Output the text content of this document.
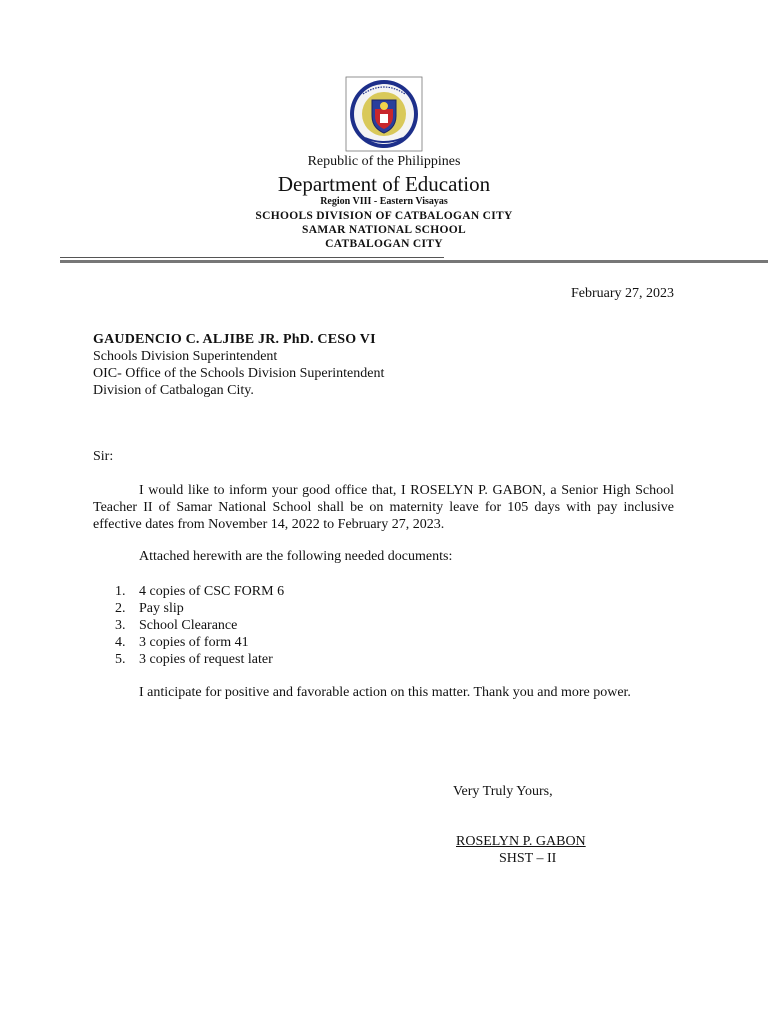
Republic of the Philippines
Department of Education
Region VIII - Eastern Visayas
SCHOOLS DIVISION OF CATBALOGAN CITY
SAMAR NATIONAL SCHOOL
CATBALOGAN CITY
February 27, 2023
GAUDENCIO C. ALJIBE JR. PhD. CESO VI
Schools Division Superintendent
OIC- Office of the Schools Division Superintendent
Division of Catbalogan City.
Sir:
I would like to inform your good office that, I ROSELYN P. GABON, a Senior High School Teacher II of Samar National School shall be on maternity leave for 105 days with pay inclusive effective dates from November 14, 2022 to February 27, 2023.
Attached herewith are the following needed documents:
1. 4 copies of CSC FORM 6
2. Pay slip
3. School Clearance
4. 3 copies of form 41
5. 3 copies of request later
I anticipate for positive and favorable action on this matter. Thank you and more power.
Very Truly Yours,
ROSELYN P. GABON
SHST – II
